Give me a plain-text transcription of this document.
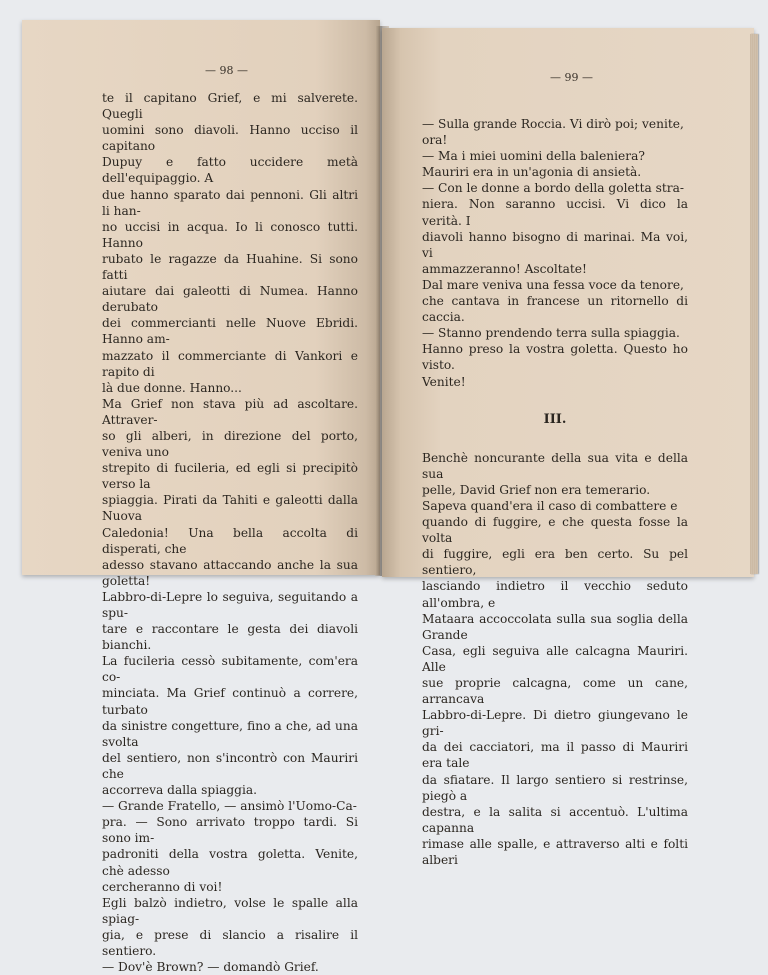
— 98 —

te il capitano Grief, e mi salverete. Quegli

uomini sono diavoli. Hanno ucciso il capitano

Dupuy e fatto uccidere metà dell'equipaggio. A

due hanno sparato dai pennoni. Gli altri li han-

no uccisi in acqua. Io li conosco tutti. Hanno

rubato le ragazze da Huahine. Si sono fatti

aiutare dai galeotti di Numea. Hanno derubato

dei commercianti nelle Nuove Ebridi. Hanno am-

mazzato il commerciante di Vankori e rapito di

là due donne. Hanno...

Ma Grief non stava più ad ascoltare. Attraver-

so gli alberi, in direzione del porto, veniva uno

strepito di fucileria, ed egli si precipitò verso la

spiaggia. Pirati da Tahiti e galeotti dalla Nuova

Caledonia! Una bella accolta di disperati, che

adesso stavano attaccando anche la sua goletta!

Labbro-di-Lepre lo seguiva, seguitando a spu-

tare e raccontare le gesta dei diavoli bianchi.

La fucileria cessò subitamente, com'era co-

minciata. Ma Grief continuò a correre, turbato

da sinistre congetture, fino a che, ad una svolta

del sentiero, non s'incontrò con Mauriri che

accorreva dalla spiaggia.

— Grande Fratello, — ansimò l'Uomo-Ca-

pra. — Sono arrivato troppo tardi. Si sono im-

padroniti della vostra goletta. Venite, chè adesso

cercheranno di voi!

Egli balzò indietro, volse le spalle alla spiag-

gia, e prese di slancio a risalire il sentiero.

— Dov'è Brown? — domandò Grief.

— 99 —

— Sulla grande Roccia. Vi dirò poi; venite,

ora!

— Ma i miei uomini della baleniera?

Mauriri era in un'agonia di ansietà.

— Con le donne a bordo della goletta stra-

niera. Non saranno uccisi. Vi dico la verità. I

diavoli hanno bisogno di marinai. Ma voi, vi

ammazzeranno! Ascoltate!

Dal mare veniva una fessa voce da tenore,

che cantava in francese un ritornello di caccia.

— Stanno prendendo terra sulla spiaggia.

Hanno preso la vostra goletta. Questo ho visto.

Venite!

III.

Benchè noncurante della sua vita e della sua

pelle, David Grief non era temerario.

Sapeva quand'era il caso di combattere e

quando di fuggire, e che questa fosse la volta

di fuggire, egli era ben certo. Su pel sentiero,

lasciando indietro il vecchio seduto all'ombra, e

Mataara accoccolata sulla sua soglia della Grande

Casa, egli seguiva alle calcagna Mauriri. Alle

sue proprie calcagna, come un cane, arrancava

Labbro-di-Lepre. Di dietro giungevano le gri-

da dei cacciatori, ma il passo di Mauriri era tale

da sfiatare. Il largo sentiero si restrinse, piegò a

destra, e la salita si accentuò. L'ultima capanna

rimase alle spalle, e attraverso alti e folti alberi
